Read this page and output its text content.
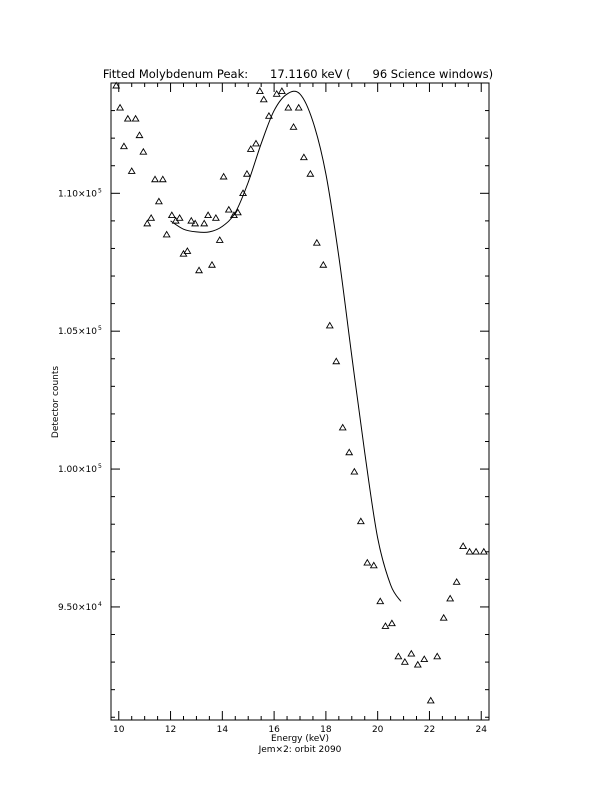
Fitted Molybdenum Peak:      17.1160 keV (      96 Science windows)
9.50×10 4
1.00×10 5
1.05×10 5
1.10×10 5
10	12	14	16	18	20	22	24
Energy (keV)
Jem×2: orbit 2090
Detector counts
